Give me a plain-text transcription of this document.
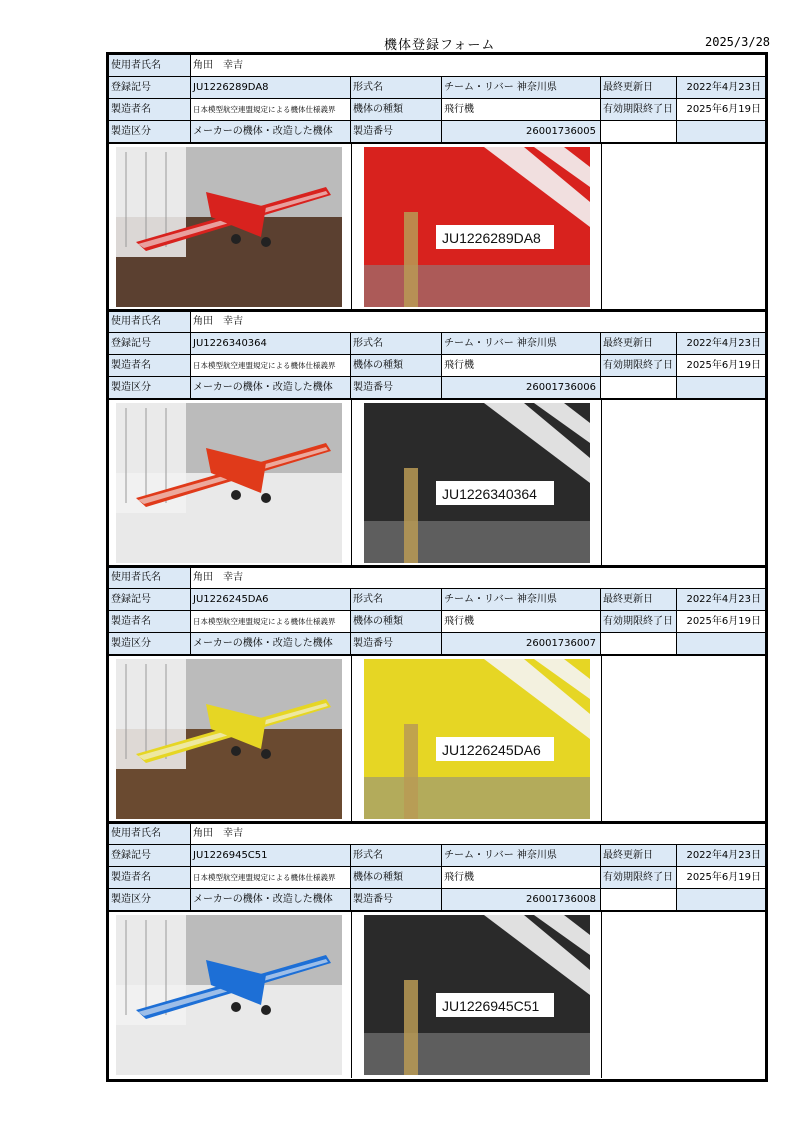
機体登録フォーム	2025/3/28
使用者氏名	角田　幸吉
登録記号	JU1226289DA8	形式名	チーム・リバー 神奈川県	最終更新日	2022年4月23日
製造者名	日本模型航空連盟規定による機体仕様義界	機体の種類	飛行機	有効期限終了日	2025年6月19日
製造区分	メーカーの機体・改造した機体	製造番号	26001736005
JU1226289DA8
使用者氏名	角田　幸吉
登録記号	JU1226340364	形式名	チーム・リバー 神奈川県	最終更新日	2022年4月23日
製造者名	日本模型航空連盟規定による機体仕様義界	機体の種類	飛行機	有効期限終了日	2025年6月19日
製造区分	メーカーの機体・改造した機体	製造番号	26001736006
JU1226340364
使用者氏名	角田　幸吉
登録記号	JU1226245DA6	形式名	チーム・リバー 神奈川県	最終更新日	2022年4月23日
製造者名	日本模型航空連盟規定による機体仕様義界	機体の種類	飛行機	有効期限終了日	2025年6月19日
製造区分	メーカーの機体・改造した機体	製造番号	26001736007
JU1226245DA6
使用者氏名	角田　幸吉
登録記号	JU1226945C51	形式名	チーム・リバー 神奈川県	最終更新日	2022年4月23日
製造者名	日本模型航空連盟規定による機体仕様義界	機体の種類	飛行機	有効期限終了日	2025年6月19日
製造区分	メーカーの機体・改造した機体	製造番号	26001736008
JU1226945C51
